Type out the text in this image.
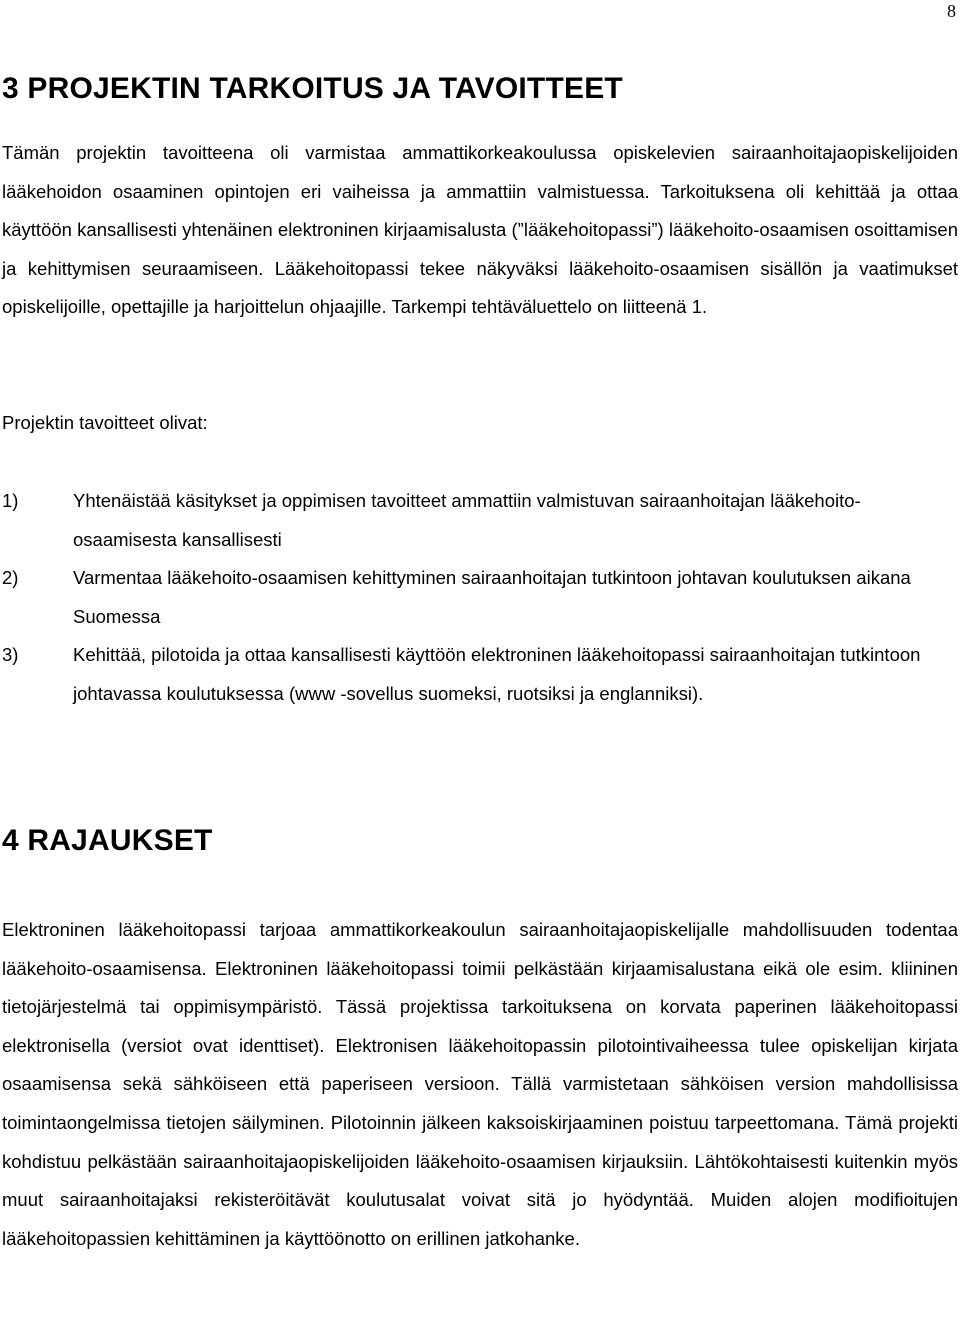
8
3 PROJEKTIN TARKOITUS JA TAVOITTEET

Tämän projektin tavoitteena oli varmistaa ammattikorkeakoulussa opiskelevien sairaanhoitajaopiskelijoiden lääkehoidon osaaminen opintojen eri vaiheissa ja ammattiin valmistuessa. Tarkoituksena oli kehittää ja ottaa käyttöön kansallisesti yhtenäinen elektroninen kirjaamisalusta (”lääkehoitopassi”) lääkehoito-osaamisen osoittamisen ja kehittymisen seuraamiseen. Lääkehoitopassi tekee näkyväksi lääkehoito-osaamisen sisällön ja vaatimukset opiskelijoille, opettajille ja harjoittelun ohjaajille. Tarkempi tehtäväluettelo on liitteenä 1.

Projektin tavoitteet olivat:

1)	Yhtenäistää käsitykset ja oppimisen tavoitteet ammattiin valmistuvan sairaanhoitajan lääkehoito-osaamisesta kansallisesti
2)	Varmentaa lääkehoito-osaamisen kehittyminen sairaanhoitajan tutkintoon johtavan koulutuksen aikana Suomessa
3)	Kehittää, pilotoida ja ottaa kansallisesti käyttöön elektroninen lääkehoitopassi sairaanhoitajan tutkintoon johtavassa koulutuksessa (www -sovellus suomeksi, ruotsiksi ja englanniksi).
4 RAJAUKSET

Elektroninen lääkehoitopassi tarjoaa ammattikorkeakoulun sairaanhoitajaopiskelijalle mahdollisuuden todentaa lääkehoito-osaamisensa. Elektroninen lääkehoitopassi toimii pelkästään kirjaamisalustana eikä ole esim. kliininen tietojärjestelmä tai oppimisympäristö. Tässä projektissa tarkoituksena on korvata paperinen lääkehoitopassi elektronisella (versiot ovat identtiset). Elektronisen lääkehoitopassin pilotointivaiheessa tulee opiskelijan kirjata osaamisensa sekä sähköiseen että paperiseen versioon. Tällä varmistetaan sähköisen version mahdollisissa toimintaongelmissa tietojen säilyminen. Pilotoinnin jälkeen kaksoiskirjaaminen poistuu tarpeettomana. Tämä projekti kohdistuu pelkästään sairaanhoitajaopiskelijoiden lääkehoito-osaamisen kirjauksiin. Lähtökohtaisesti kuitenkin myös muut sairaanhoitajaksi rekisteröitävät koulutusalat voivat sitä jo hyödyntää. Muiden alojen modifioitujen lääkehoitopassien kehittäminen ja käyttöönotto on erillinen jatkohanke.
